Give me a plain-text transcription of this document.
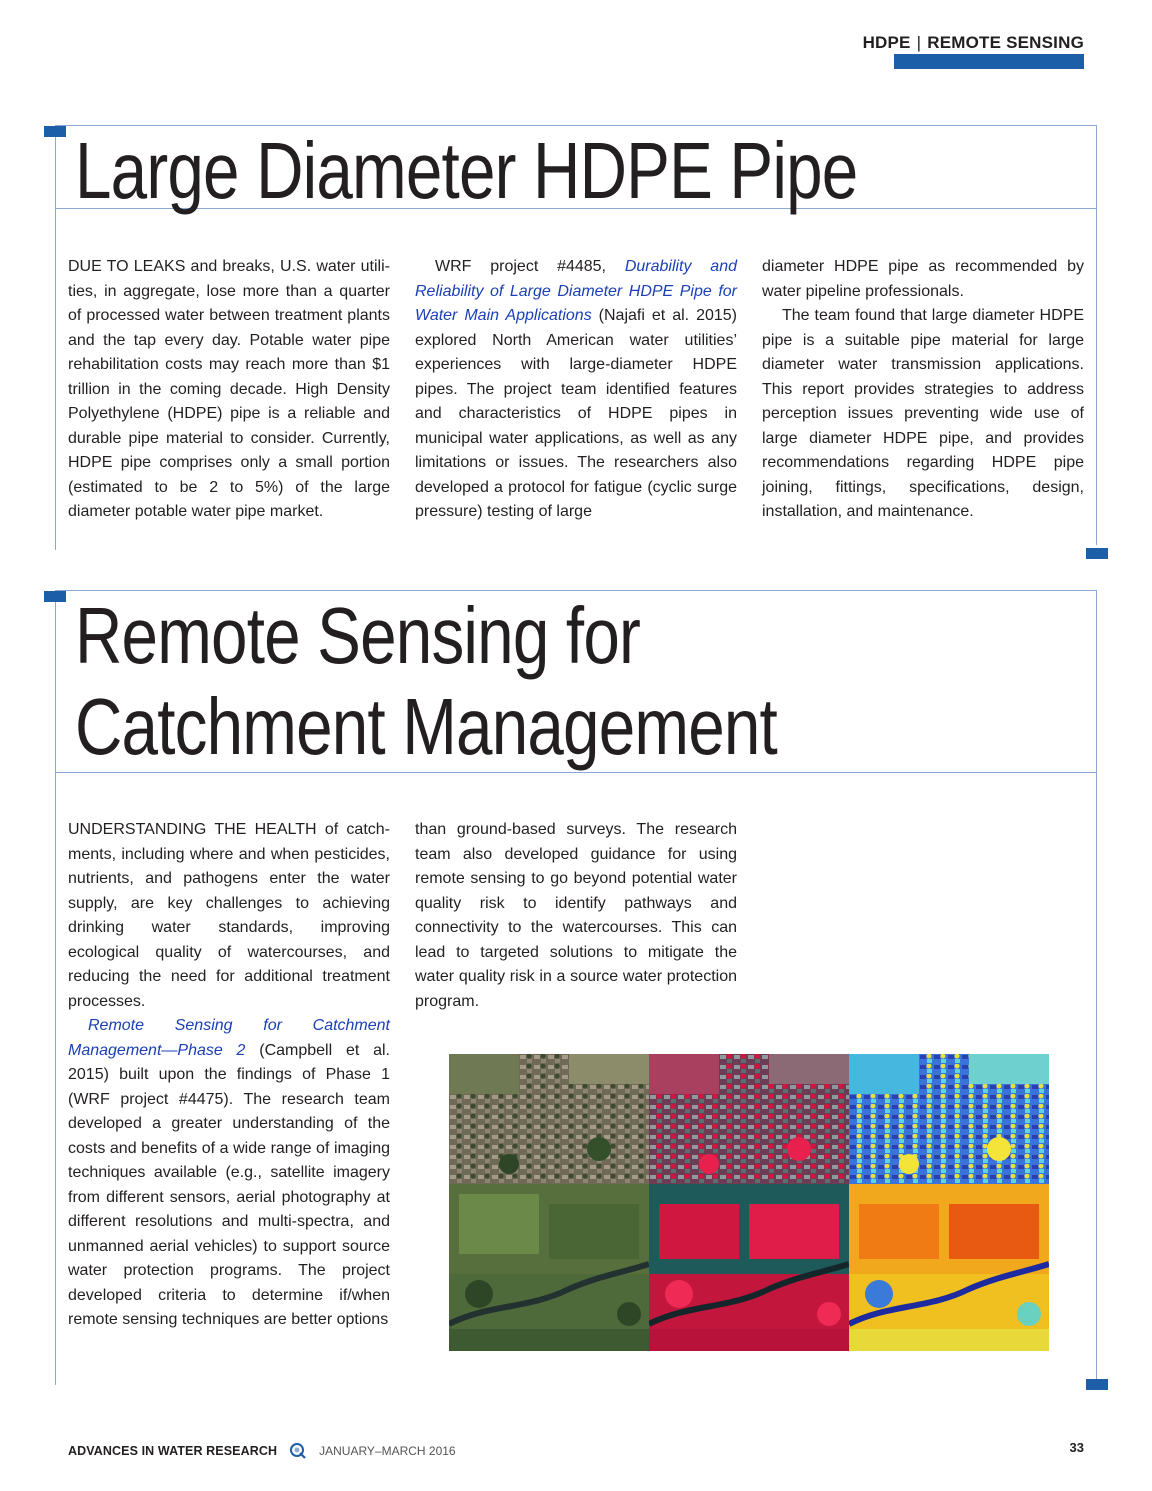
HDPE | REMOTE SENSING
Large Diameter HDPE Pipe

DUE TO LEAKS and breaks, U.S. water utilities, in aggregate, lose more than a quarter of processed water between treatment plants and the tap every day. Potable water pipe rehabilitation costs may reach more than $1 trillion in the coming decade. High Density Polyethylene (HDPE) pipe is a reliable and durable pipe material to consider. Currently, HDPE pipe comprises only a small portion (estimated to be 2 to 5%) of the large diameter potable water pipe market.

WRF project #4485, Durability and Reliability of Large Diameter HDPE Pipe for Water Main Applications (Najafi et al. 2015) explored North American water utilities’ experiences with large-diameter HDPE pipes. The project team identified features and characteristics of HDPE pipes in municipal water applications, as well as any limitations or issues. The researchers also developed a protocol for fatigue (cyclic surge pressure) testing of large

diameter HDPE pipe as recommended by water pipeline professionals.

The team found that large diameter HDPE pipe is a suitable pipe material for large diameter water transmission applications. This report provides strategies to address perception issues preventing wide use of large diameter HDPE pipe, and provides recommendations regarding HDPE pipe joining, fittings, specifications, design, installation, and maintenance.

Remote Sensing for
Catchment Management

UNDERSTANDING THE HEALTH of catchments, including where and when pesticides, nutrients, and pathogens enter the water supply, are key challenges to achieving drinking water standards, improving ecological quality of watercourses, and reducing the need for additional treatment processes.

Remote Sensing for Catchment Management—Phase 2 (Campbell et al. 2015) built upon the findings of Phase 1 (WRF project #4475). The research team developed a greater understanding of the costs and benefits of a wide range of imaging techniques available (e.g., satellite imagery from different sensors, aerial photography at different resolutions and multi-spectra, and unmanned aerial vehicles) to support source water protection programs. The project developed criteria to determine if/when remote sensing techniques are better options

than ground-based surveys. The research team also developed guidance for using remote sensing to go beyond potential water quality risk to identify pathways and connectivity to the watercourses. This can lead to targeted solutions to mitigate the water quality risk in a source water protection program.

ADVANCES IN WATER RESEARCH	JANUARY–MARCH 2016	33
